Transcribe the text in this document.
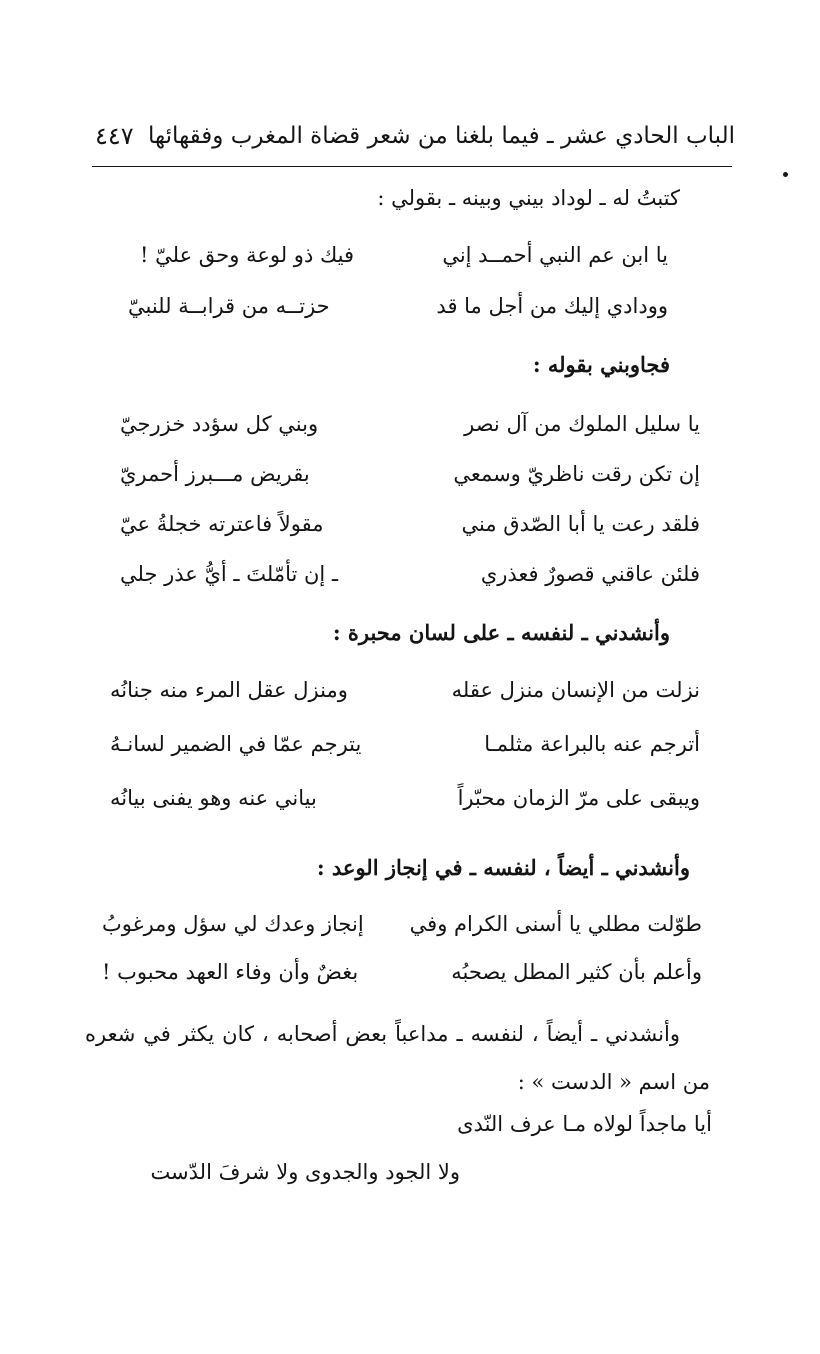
٤٤٧ الباب الحادي عشر ـ فيما بلغنا من شعر قضاة المغرب وفقهائها
كتبتُ له ـ لوداد بيني وبينه ـ بقولي :
يا ابن عم النبي أحمــد إني
فيك ذو لوعة وحق عليّ !
وودادي إليك من أجل ما قد
حزتــه من قرابــة للنبيّ
فجاوبني بقوله :
يا سليل الملوك من آل نصر
وبني كل سؤدد خزرجيّ
إن تكن رقت ناظريّ وسمعي
بقريض مـــبرز أحمريّ
فلقد رعت يا أبا الصّدق مني
مقولاً فاعترته خجلةُ عيّ
فلئن عاقني قصورٌ فعذري
ـ إن تأمّلتَ ـ أيُّ عذر جلي
وأنشدني ـ لنفسه ـ على لسان محبرة :
نزلت من الإنسان منزل عقله
ومنزل عقل المرء منه جنانُه
أترجم عنه بالبراعة مثلمـا
يترجم عمّا في الضمير لسانـهُ
ويبقى على مرّ الزمان محبّراً
بياني عنه وهو يفنى بيانُه
وأنشدني ـ أيضاً ، لنفسه ـ في إنجاز الوعد :
طوّلت مطلي يا أسنى الكرام وفي
إنجاز وعدك لي سؤل ومرغوبُ
وأعلم بأن كثير المطل يصحبُه
بغضٌ وأن وفاء العهد محبوب !
وأنشدني ـ أيضاً ، لنفسه ـ مداعباً بعض أصحابه ، كان يكثر في شعره من اسم « الدست » :
أيا ماجداً لولاه مـا عرف النّدى
ولا الجود والجدوى ولا شرفَ الدّست
